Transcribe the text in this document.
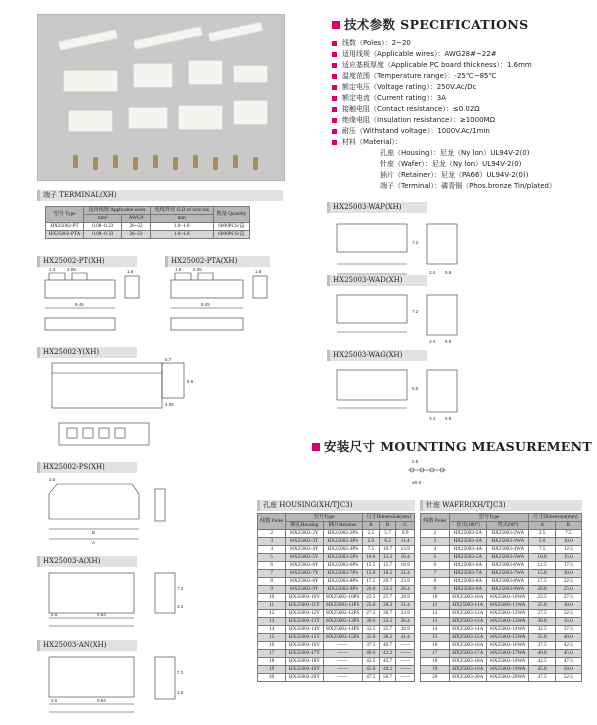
技术参数 SPECIFICATIONS
线数（Poles）：2~20
适用线规（Applicable wires）：AWG28#~22#
适应基板厚度（Applicable PC board thickness）：1.6mm
温度范围（Temperature range）：-25℃~85℃
额定电压（Voltage rating）：250V.Ac/Dc
额定电流（Current rating）：3A
接触电阻（Contact resistance）：≤0.02Ω
绝缘电阻（Insulation resistance）：≥1000MΩ
耐压（Withstand voltage）：1000V.Ac/1min
材料（Material）：
孔座（Housing）：尼龙（Ny lon）UL94V-2(0)
针座（Wafer）：尼龙（Ny lon）UL94V-2(0)
插片（Retainer）：尼龙（PA66）UL94V-2(0))
端子（Terminal）：磷青铜（Phos.bronze Tin/plated）
端子 TERMINAL(XH)
型号 Type	适用线规 Applicable wires		电线外径 O.D of wire ins	数量 Quantity
	mm²	AWG#	mm	
HX25002-PT	0.08~0.33	26~22	1.0~1.8	6000PCS/盒
HX25002-PTA	0.08~0.33	26~22	1.0~1.8	6000PCS/盒
HX25002-PT(XH)	HX25002-PTA(XH)
1.3	2.05	1.6
6.45
1.8	2.05	1.8
6.45
HX25002-Y(XH)
5.7
4.05
8.6
HX25002-PS(XH)
2.5
B
A
HX25003-A(XH)
2.5	0.64
7.2
3.4
HX25003-AN(XH)
2.5	0.64
7.2
1.5
HX25003-WAP(XH)
7.2
3.4 5.8
HX25003-WAD(XH)
7.2
3.4 5.8
HX25003-WAG(XH)
9.5
3.4 5.9
安装尺寸 MOUNTING MEASUREMENT
2.5
ø0.9
孔座 HOUSING(XH/TJC3)
线数 Poles	型号Type		尺寸Dimension(mm)		
	插孔Housing	插片Retainer	A	B	C
2	HX25002-2Y	HX25002-2PS	2.5	5.7	8.9
3	HX25002-3Y	HX25002-3PS	5.0	8.2	11.4
4	HX25002-4Y	HX25002-4PS	7.5	10.7	13.9
5	HX25002-5Y	HX25002-5PS	10.0	13.2	16.4
6	HX25002-6Y	HX25002-6PS	12.5	15.7	18.9
7	HX25002-7Y	HX25002-7PS	15.0	18.2	21.4
8	HX25002-8Y	HX25002-8PS	17.5	20.7	23.9
9	HX25002-9Y	HX25002-9PS	20.0	23.2	26.4
10	HX25002-10Y	HX25002-10PS	22.5	25.7	28.9
11	HX25002-11Y	HX25002-11PS	25.0	28.2	31.4
12	HX25002-12Y	HX25002-12PS	27.5	30.7	33.9
13	HX25002-13Y	HX25002-13PS	30.0	33.2	36.4
14	HX25002-14Y	HX25002-14PS	32.5	35.7	38.9
15	HX25002-15Y	HX25002-15PS	35.0	38.2	41.4
16	HX25002-16Y	——	37.5	40.7	——
17	HX25002-17Y	——	40.0	43.2	——
18	HX25002-18Y	——	42.5	45.7	——
19	HX25002-19Y	——	45.0	48.2	——
20	HX25002-20Y	——	47.5	50.7	——
针座 WAFER(XH/TJC3)
线数 Poles	型号Type		尺寸Dimension(mm)	
	直式(180°)	弯式(90°)	A	B
2	HX25003-2A	HX25003-2WA	2.5	7.5
3	HX25003-3A	HX25003-3WA	5.0	10.0
4	HX25003-4A	HX25003-4WA	7.5	12.5
5	HX25003-5A	HX25003-5WA	10.0	15.0
6	HX25003-6A	HX25003-6WA	12.5	17.5
7	HX25003-7A	HX25003-7WA	15.0	20.0
8	HX25003-8A	HX25003-8WA	17.5	22.5
9	HX25003-9A	HX25003-9WA	20.0	25.0
10	HX25003-10A	HX25003-10WA	22.5	27.5
11	HX25003-11A	HX25003-11WA	25.0	30.0
12	HX25003-12A	HX25003-12WA	27.5	32.5
13	HX25003-13A	HX25003-13WA	30.0	35.0
14	HX25003-14A	HX25003-14WA	32.5	37.5
15	HX25003-15A	HX25003-15WA	35.0	40.0
16	HX25003-16A	HX25003-16WA	37.5	42.5
17	HX25003-17A	HX25003-17WA	40.0	45.0
18	HX25003-18A	HX25003-18WA	42.5	47.5
19	HX25003-19A	HX25003-19WA	45.0	50.0
20	HX25003-20A	HX25003-20WA	47.5	52.5
